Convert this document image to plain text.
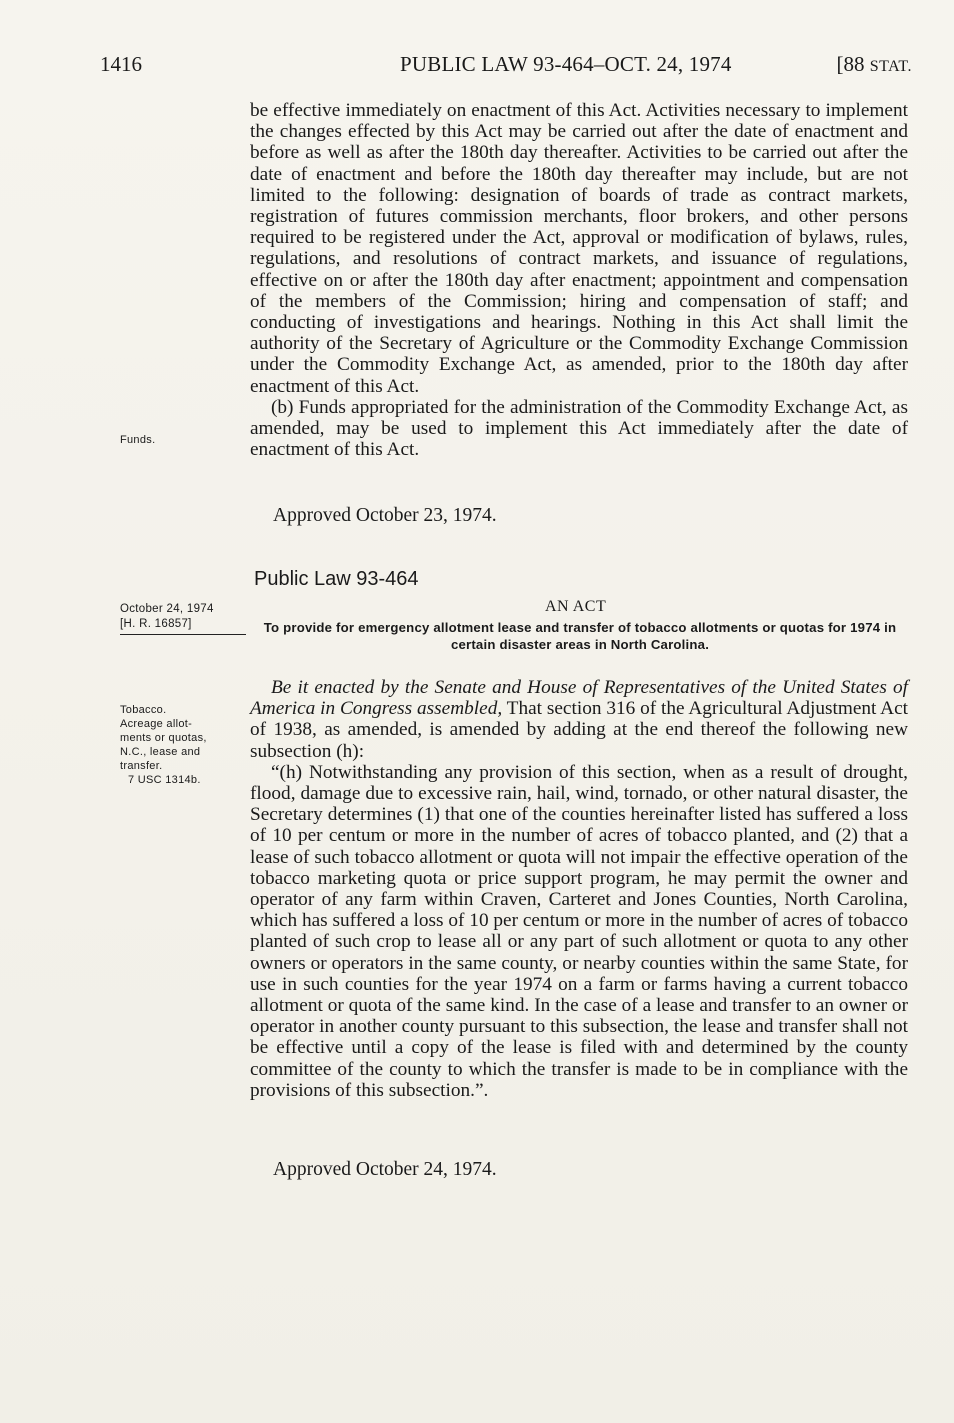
1416	PUBLIC LAW 93-464–OCT. 24, 1974	[88 STAT.

be effective immediately on enactment of this Act. Activities necessary to implement the changes effected by this Act may be carried out after the date of enactment and before as well as after the 180th day thereafter. Activities to be carried out after the date of enactment and before the 180th day thereafter may include, but are not limited to the following: designation of boards of trade as contract markets, registration of futures commission merchants, floor brokers, and other persons required to be registered under the Act, approval or modification of bylaws, rules, regulations, and resolutions of contract markets, and issuance of regulations, effective on or after the 180th day after enactment; appointment and compensation of the members of the Commission; hiring and compensation of staff; and conducting of investigations and hearings. Nothing in this Act shall limit the authority of the Secretary of Agriculture or the Commodity Exchange Commission under the Commodity Exchange Act, as amended, prior to the 180th day after enactment of this Act.

(b) Funds appropriated for the administration of the Commodity Exchange Act, as amended, may be used to implement this Act immediately after the date of enactment of this Act.

Funds.

Approved October 23, 1974.
Public Law 93-464
October 24, 1974
[H. R. 16857]
AN ACT

To provide for emergency allotment lease and transfer of tobacco allotments or quotas for 1974 in certain disaster areas in North Carolina.

Tobacco.
Acreage allot-
ments or quotas,
N.C., lease and
transfer.
7 USC 1314b.

Be it enacted by the Senate and House of Representatives of the United States of America in Congress assembled, That section 316 of the Agricultural Adjustment Act of 1938, as amended, is amended by adding at the end thereof the following new subsection (h):

“(h) Notwithstanding any provision of this section, when as a result of drought, flood, damage due to excessive rain, hail, wind, tornado, or other natural disaster, the Secretary determines (1) that one of the counties hereinafter listed has suffered a loss of 10 per centum or more in the number of acres of tobacco planted, and (2) that a lease of such tobacco allotment or quota will not impair the effective operation of the tobacco marketing quota or price support program, he may permit the owner and operator of any farm within Craven, Carteret and Jones Counties, North Carolina, which has suffered a loss of 10 per centum or more in the number of acres of tobacco planted of such crop to lease all or any part of such allotment or quota to any other owners or operators in the same county, or nearby counties within the same State, for use in such counties for the year 1974 on a farm or farms having a current tobacco allotment or quota of the same kind. In the case of a lease and transfer to an owner or operator in another county pursuant to this subsection, the lease and transfer shall not be effective until a copy of the lease is filed with and determined by the county committee of the county to which the transfer is made to be in compliance with the provisions of this subsection.”.

Approved October 24, 1974.
